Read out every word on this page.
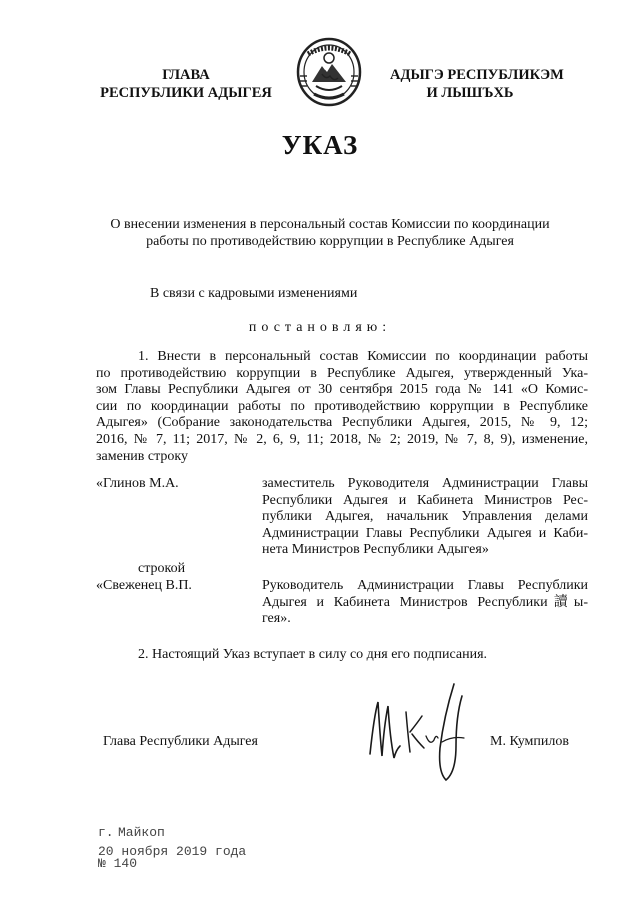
ГЛАВА
РЕСПУБЛИКИ АДЫГЕЯ
АДЫГЭ РЕСПУБЛИКЭМ
И ЛЫШЪХЬ
УКАЗ
О внесении изменения в персональный состав Комиссии по координации
работы по противодействию коррупции в Республике Адыгея
В связи с кадровыми изменениями
постановляю:
1. Внести в персональный состав Комиссии по координации работы
по противодействию коррупции в Республике Адыгея, утвержденный Ука-
зом Главы Республики Адыгея от 30 сентября 2015 года № 141 «О Комис-
сии по координации работы по противодействию коррупции в Республике
Адыгея» (Собрание законодательства Республики Адыгея, 2015, № 9, 12;
2016, № 7, 11; 2017, № 2, 6, 9, 11; 2018, № 2; 2019, № 7, 8, 9), изменение,
заменив строку
«Глинов М.А.	заместитель Руководителя Администрации Главы
Республики Адыгея и Кабинета Министров Рес-
публики Адыгея, начальник Управления делами
Администрации Главы Республики Адыгея и Каби-
нета Министров Республики Адыгея»
строкой
«Свеженец В.П.	Руководитель Администрации Главы Республики
Адыгея и Кабинета Министров Республики讀ы-
гея».
2. Настоящий Указ вступает в силу со дня его подписания.
Глава Республики Адыгея	М. Кумпилов
г. Майкоп
20 ноября 2019 года
№ 140
